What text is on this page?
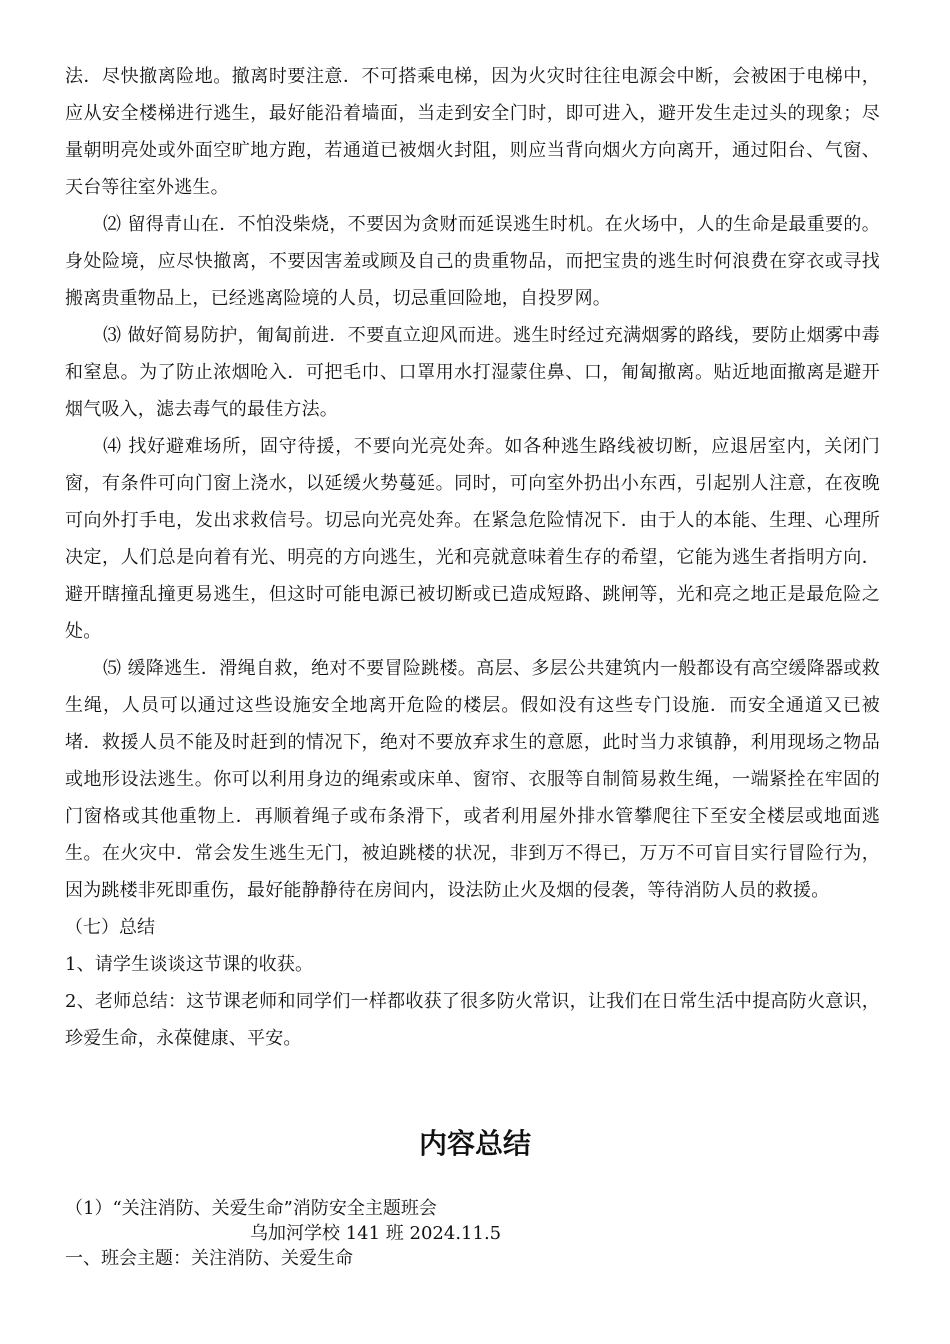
法．尽快撤离险地。撤离时要注意．不可搭乘电梯，因为火灾时往往电源会中断，会被困于电梯中，应从安全楼梯进行逃生，最好能沿着墙面，当走到安全门时，即可进入，避开发生走过头的现象；尽量朝明亮处或外面空旷地方跑，若通道已被烟火封阻，则应当背向烟火方向离开，通过阳台、气窗、天台等往室外逃生。

⑵ 留得青山在．不怕没柴烧，不要因为贪财而延误逃生时机。在火场中，人的生命是最重要的。身处险境，应尽快撤离，不要因害羞或顾及自己的贵重物品，而把宝贵的逃生时何浪费在穿衣或寻找搬离贵重物品上，已经逃离险境的人员，切忌重回险地，自投罗网。

⑶ 做好简易防护，匍匐前进．不要直立迎风而进。逃生时经过充满烟雾的路线，要防止烟雾中毒和窒息。为了防止浓烟呛入．可把毛巾、口罩用水打湿蒙住鼻、口，匍匐撤离。贴近地面撤离是避开烟气吸入，滤去毒气的最佳方法。

⑷ 找好避难场所，固守待援，不要向光亮处奔。如各种逃生路线被切断，应退居室内，关闭门窗，有条件可向门窗上浇水，以延缓火势蔓延。同时，可向室外扔出小东西，引起别人注意，在夜晚可向外打手电，发出求救信号。切忌向光亮处奔。在紧急危险情况下．由于人的本能、生理、心理所决定，人们总是向着有光、明亮的方向逃生，光和亮就意味着生存的希望，它能为逃生者指明方向．避开瞎撞乱撞更易逃生，但这时可能电源已被切断或已造成短路、跳闸等，光和亮之地正是最危险之处。

⑸ 缓降逃生．滑绳自救，绝对不要冒险跳楼。高层、多层公共建筑内一般都设有高空缓降器或救生绳，人员可以通过这些设施安全地离开危险的楼层。假如没有这些专门设施．而安全通道又已被堵．救援人员不能及时赶到的情况下，绝对不要放弃求生的意愿，此时当力求镇静，利用现场之物品或地形设法逃生。你可以利用身边的绳索或床单、窗帘、衣服等自制简易救生绳，一端紧拴在牢固的门窗格或其他重物上．再顺着绳子或布条滑下，或者利用屋外排水管攀爬往下至安全楼层或地面逃生。在火灾中．常会发生逃生无门，被迫跳楼的状况，非到万不得已，万万不可盲目实行冒险行为，因为跳楼非死即重伤，最好能静静待在房间内，设法防止火及烟的侵袭，等待消防人员的救援。

（七）总结

1、请学生谈谈这节课的收获。

2、老师总结：这节课老师和同学们一样都收获了很多防火常识，让我们在日常生活中提高防火意识，珍爱生命，永葆健康、平安。

内容总结

（1）“关注消防、关爱生命”消防安全主题班会

乌加河学校 141 班 2024.11.5

一、班会主题：关注消防、关爱生命
